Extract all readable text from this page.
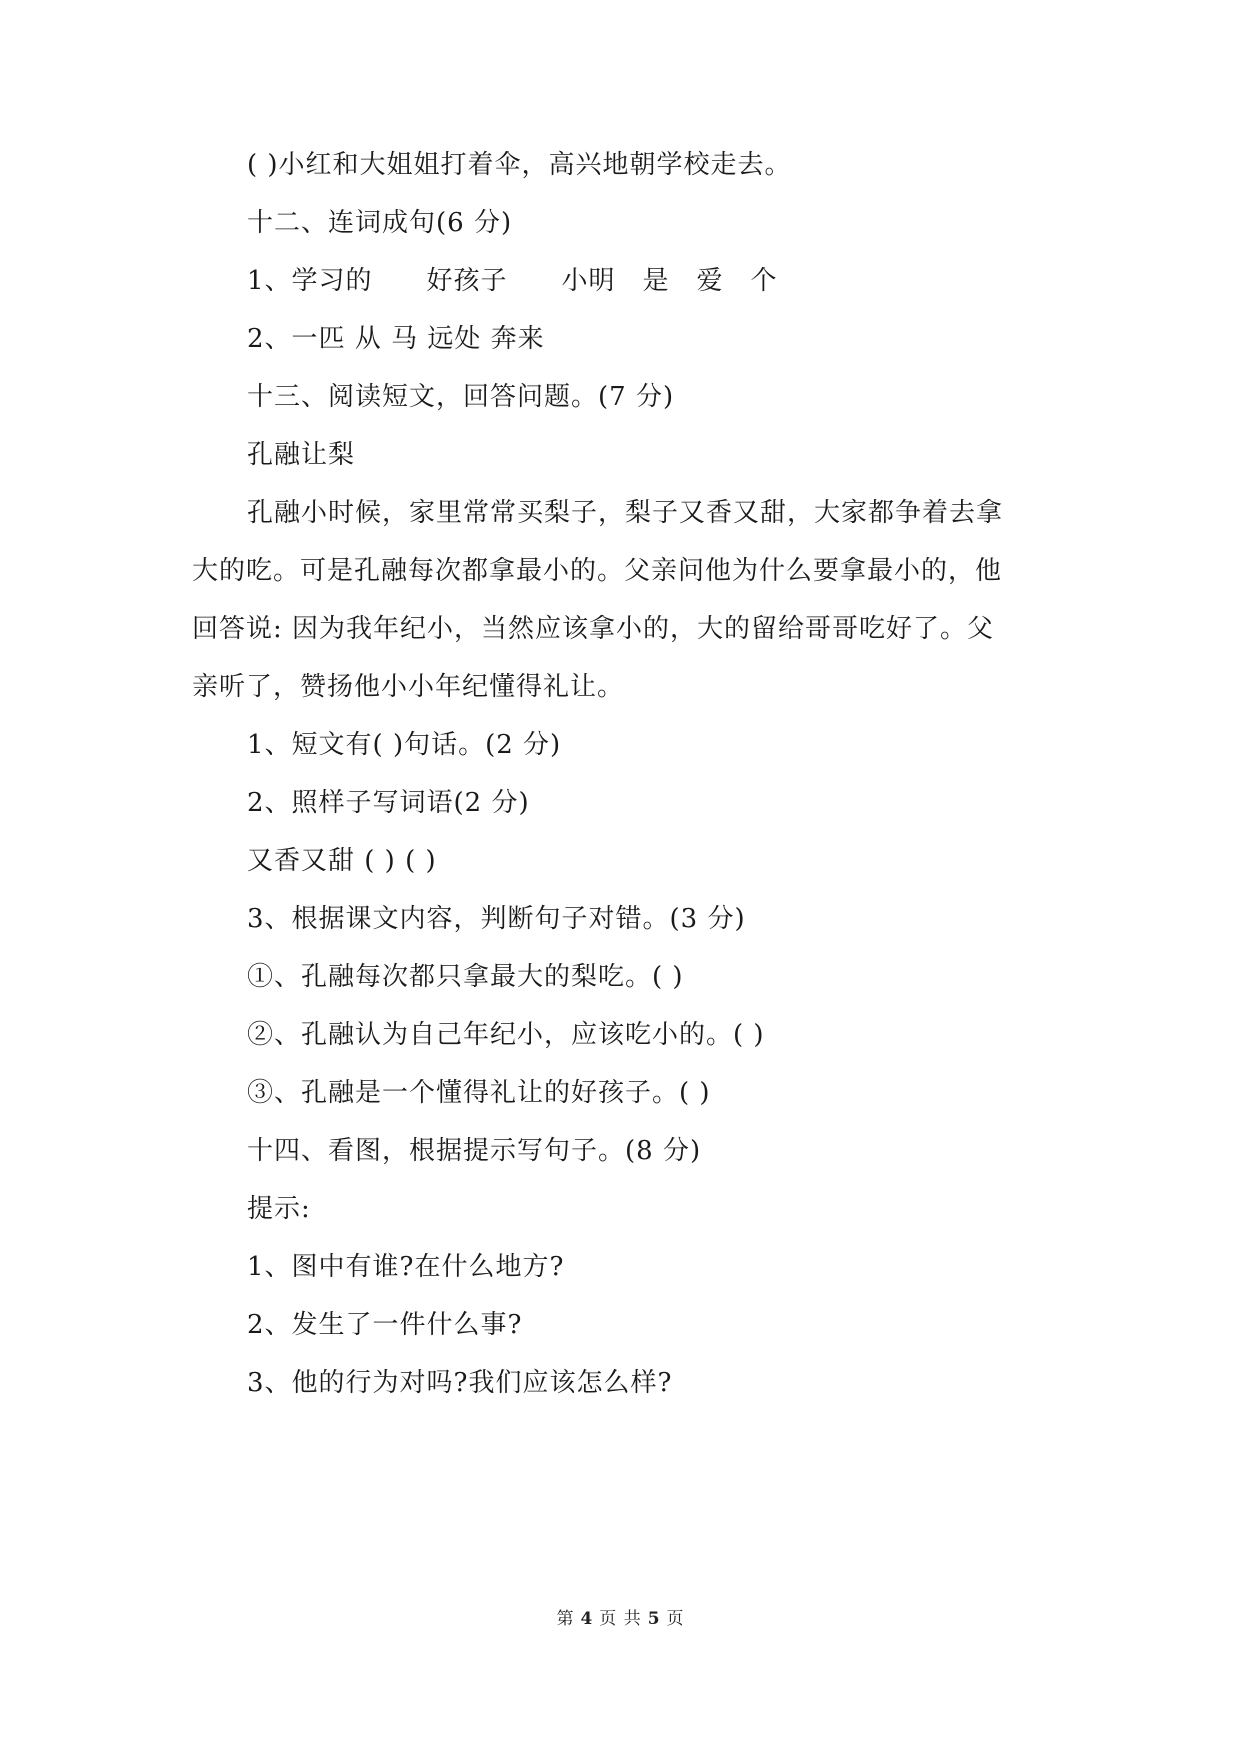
( )小红和大姐姐打着伞，高兴地朝学校走去。
十二、连词成句(6 分)
1、学习的　　好孩子　　小明　是　爱　个
2、一匹 从 马 远处 奔来
十三、阅读短文，回答问题。(7 分)
孔融让梨
孔融小时候，家里常常买梨子，梨子又香又甜，大家都争着去拿
大的吃。可是孔融每次都拿最小的。父亲问他为什么要拿最小的，他
回答说: 因为我年纪小，当然应该拿小的，大的留给哥哥吃好了。父
亲听了，赞扬他小小年纪懂得礼让。
1、短文有( )句话。(2 分)
2、照样子写词语(2 分)
又香又甜 ( ) ( )
3、根据课文内容，判断句子对错。(3 分)
①、孔融每次都只拿最大的梨吃。( )
②、孔融认为自己年纪小，应该吃小的。( )
③、孔融是一个懂得礼让的好孩子。( )
十四、看图，根据提示写句子。(8 分)
提示:
1、图中有谁?在什么地方?
2、发生了一件什么事?
3、他的行为对吗?我们应该怎么样?
第 4 页 共 5 页
